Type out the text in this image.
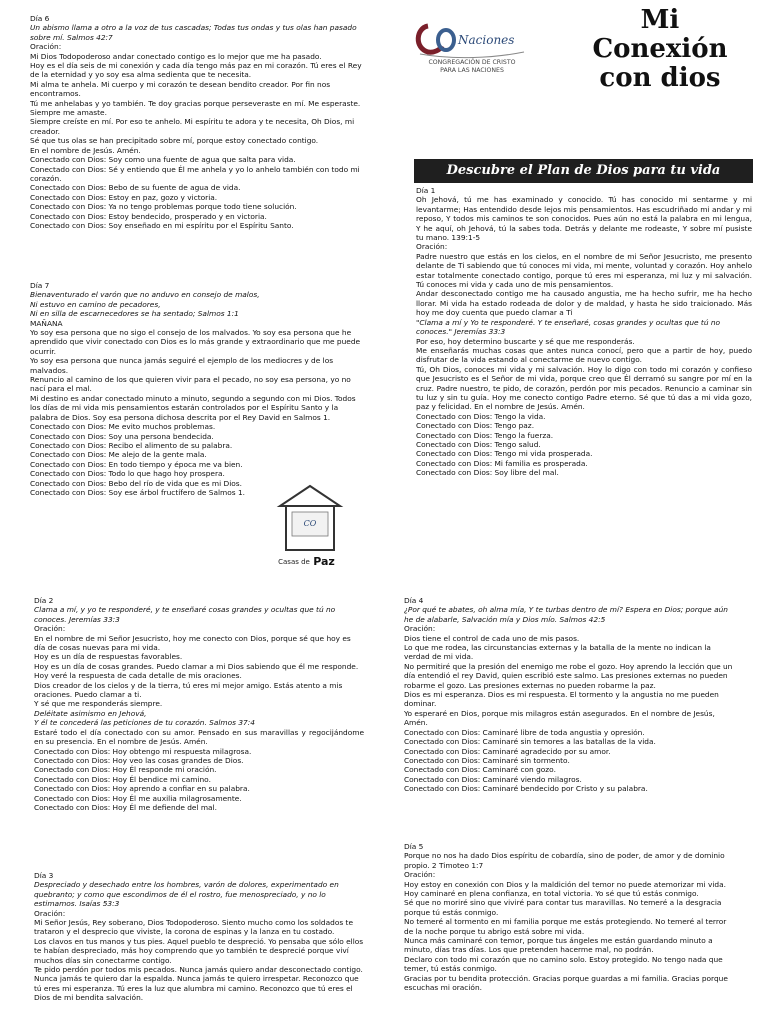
Naciones
CONGREGACIÓN DE CRISTO
PARA LAS NACIONES
Mi
Conexión
con dios
Descubre el Plan de Dios para tu vida

Día 6

Un abismo llama a otro a la voz de tus cascadas; Todas tus ondas y tus olas han pasado sobre mí. Salmos 42:7

Oración:

Mi Dios Todopoderoso andar conectado contigo es lo mejor que me ha pasado.

Hoy es el día seis de mi conexión y cada día tengo más paz en mi corazón. Tú eres el Rey de la eternidad y yo soy esa alma sedienta que te necesita.

Mi alma te anhela. Mi cuerpo y mi corazón te desean bendito creador. Por fin nos encontramos.

Tú me anhelabas y yo también. Te doy gracias porque perseveraste en mí. Me esperaste. Siempre me amaste.

Siempre creíste en mí. Por eso te anhelo. Mi espíritu te adora y te necesita, Oh Dios, mi creador.

Sé que tus olas se han precipitado sobre mí, porque estoy conectado contigo.

En el nombre de Jesús. Amén.

Conectado con Dios: Soy como una fuente de agua que salta para vida.

Conectado con Dios: Sé y entiendo que Él me anhela y yo lo anhelo también con todo mi corazón.

Conectado con Dios: Bebo de su fuente de agua de vida.

Conectado con Dios: Estoy en paz, gozo y victoria.

Conectado con Dios: Ya no tengo problemas porque todo tiene solución.

Conectado con Dios: Estoy bendecido, prosperado y en victoria.

Conectado con Dios: Soy enseñado en mi espíritu por el Espíritu Santo.

Día 7

Bienaventurado el varón que no anduvo en consejo de malos,

Ni estuvo en camino de pecadores,

Ni en silla de escarnecedores se ha sentado; Salmos 1:1

MAÑANA

Yo soy esa persona que no sigo el consejo de los malvados. Yo soy esa persona que he aprendido que vivir conectado con Dios es lo más grande y extraordinario que me puede ocurrir.

Yo soy esa persona que nunca jamás seguiré el ejemplo de los mediocres y de los malvados.

Renuncio al camino de los que quieren vivir para el pecado, no soy esa persona, yo no nací para el mal.

Mi destino es andar conectado minuto a minuto, segundo a segundo con mi Dios. Todos los días de mi vida mis pensamientos estarán controlados por el Espíritu Santo y la palabra de Dios. Soy esa persona dichosa descrita por el Rey David en Salmos 1.

Conectado con Dios: Me evito muchos problemas.

Conectado con Dios: Soy una persona bendecida.

Conectado con Dios: Recibo el alimento de su palabra.

Conectado con Dios: Me alejo de la gente mala.

Conectado con Dios: En todo tiempo y época me va bien.

Conectado con Dios: Todo lo que hago hoy prospera.

Conectado con Dios: Bebo del río de vida que es mi Dios.

Conectado con Dios: Soy ese árbol fructífero de Salmos 1.

Día 1

Oh Jehová, tú me has examinado y conocido. Tú has conocido mi sentarme y mi levantarme; Has entendido desde lejos mis pensamientos. Has escudriñado mi andar y mi reposo, Y todos mis caminos te son conocidos. Pues aún no está la palabra en mi lengua, Y he aquí, oh Jehová, tú la sabes toda. Detrás y delante me rodeaste, Y sobre mí pusiste tu mano. 139:1-5

Oración:

Padre nuestro que estás en los cielos, en el nombre de mi Señor Jesucristo, me presento delante de Ti sabiendo que tú conoces mi vida, mi mente, voluntad y corazón. Hoy anhelo estar totalmente conectado contigo, porque tú eres mi esperanza, mi luz y mi salvación. Tú conoces mi vida y cada uno de mis pensamientos.

Andar desconectado contigo me ha causado angustia, me ha hecho sufrir, me ha hecho llorar. Mi vida ha estado rodeada de dolor y de maldad, y hasta he sido traicionado. Más hoy me doy cuenta que puedo clamar a Ti

"Clama a mí y Yo te responderé. Y te enseñaré, cosas grandes y ocultas que tú no conoces." Jeremías 33:3

Por eso, hoy determino buscarte y sé que me responderás.

Me enseñarás muchas cosas que antes nunca conocí, pero que a partir de hoy, puedo disfrutar de la vida estando al conectarme de nuevo contigo.

Tú, Oh Dios, conoces mi vida y mi salvación. Hoy lo digo con todo mi corazón y confieso que Jesucristo es el Señor de mi vida, porque creo que Él derramó su sangre por mí en la cruz. Padre nuestro, te pido, de corazón, perdón por mis pecados. Renuncio a caminar sin tu luz y sin tu guía. Hoy me conecto contigo Padre eterno. Sé que tú das a mi vida gozo, paz y felicidad. En el nombre de Jesús. Amén.

Conectado con Dios: Tengo la vida.

Conectado con Dios: Tengo paz.

Conectado con Dios: Tengo la fuerza.

Conectado con Dios: Tengo salud.

Conectado con Dios: Tengo mi vida prosperada.

Conectado con Dios: Mi familia es prosperada.

Conectado con Dios: Soy libre del mal.

Día 2

Clama a mí, y yo te responderé, y te enseñaré cosas grandes y ocultas que tú no conoces. Jeremías 33:3

Oración:

En el nombre de mi Señor Jesucristo, hoy me conecto con Dios, porque sé que hoy es día de cosas nuevas para mi vida.

Hoy es un día de respuestas favorables.

Hoy es un día de cosas grandes. Puedo clamar a mi Dios sabiendo que él me responde.

Hoy veré la respuesta de cada detalle de mis oraciones.

Dios creador de los cielos y de la tierra, tú eres mi mejor amigo. Estás atento a mis oraciones. Puedo clamar a ti.

Y sé que me responderás siempre.

Deléitate asimismo en Jehová,

Y él te concederá las peticiones de tu corazón. Salmos 37:4

Estaré todo el día conectado con su amor. Pensado en sus maravillas y regocijándome en su presencia. En el nombre de Jesús. Amén.

Conectado con Dios: Hoy obtengo mi respuesta milagrosa.

Conectado con Dios: Hoy veo las cosas grandes de Dios.

Conectado con Dios: Hoy Él responde mi oración.

Conectado con Dios: Hoy Él bendice mi camino.

Conectado con Dios: Hoy aprendo a confiar en su palabra.

Conectado con Dios: Hoy Él me auxilia milagrosamente.

Conectado con Dios: Hoy Él me defiende del mal.

Día 3

Despreciado y desechado entre los hombres, varón de dolores, experimentado en quebranto; y como que escondimos de él el rostro, fue menospreciado, y no lo estimamos. Isaías 53:3

Oración:

Mi Señor Jesús, Rey soberano, Dios Todopoderoso. Siento mucho como los soldados te trataron y el desprecio que viviste, la corona de espinas y la lanza en tu costado.

Los clavos en tus manos y tus pies. Aquel pueblo te despreció. Yo pensaba que sólo ellos te habían despreciado, más hoy comprendo que yo también te desprecié porque viví muchos días sin conectarme contigo.

Te pido perdón por todos mis pecados. Nunca jamás quiero andar desconectado contigo. Nunca jamás te quiero dar la espalda. Nunca jamás te quiero irrespetar. Reconozco que tú eres mi esperanza. Tú eres la luz que alumbra mi camino. Reconozco que tú eres el Dios de mi bendita salvación.

Día 4

¿Por qué te abates, oh alma mía, Y te turbas dentro de mí? Espera en Dios; porque aún he de alabarle, Salvación mía y Dios mío. Salmos 42:5

Oración:

Dios tiene el control de cada uno de mis pasos.

Lo que me rodea, las circunstancias externas y la batalla de la mente no indican la verdad de mi vida.

No permitiré que la presión del enemigo me robe el gozo. Hoy aprendo la lección que un día entendió el rey David, quien escribió este salmo. Las presiones externas no pueden robarme el gozo. Las presiones externas no pueden robarme la paz.

Dios es mi esperanza. Dios es mi respuesta. El tormento y la angustia no me pueden dominar.

Yo esperaré en Dios, porque mis milagros están asegurados. En el nombre de Jesús, Amén.

Conectado con Dios: Caminaré libre de toda angustia y opresión.

Conectado con Dios: Caminaré sin temores a las batallas de la vida.

Conectado con Dios: Caminaré agradecido por su amor.

Conectado con Dios: Caminaré sin tormento.

Conectado con Dios: Caminaré con gozo.

Conectado con Dios: Caminaré viendo milagros.

Conectado con Dios: Caminaré bendecido por Cristo y su palabra.

Día 5

Porque no nos ha dado Dios espíritu de cobardía, sino de poder, de amor y de dominio propio. 2 Timoteo 1:7

Oración:

Hoy estoy en conexión con Dios y la maldición del temor no puede atemorizar mi vida.

Hoy caminaré en plena confianza, en total victoria. Yo sé que tú estás conmigo.

Sé que no moriré sino que viviré para contar tus maravillas. No temeré a la desgracia porque tú estás conmigo.

No temeré al tormento en mi familia porque me estás protegiendo. No temeré al terror de la noche porque tu abrigo está sobre mi vida.

Nunca más caminaré con temor, porque tus ángeles me están guardando minuto a minuto, días tras días. Los que pretenden hacerme mal, no podrán.

Declaro con todo mi corazón que no camino solo. Estoy protegido. No tengo nada que temer, tú estás conmigo.

Gracias por tu bendita protección. Gracias porque guardas a mi familia. Gracias porque escuchas mi oración.

CO
Casas de Paz
